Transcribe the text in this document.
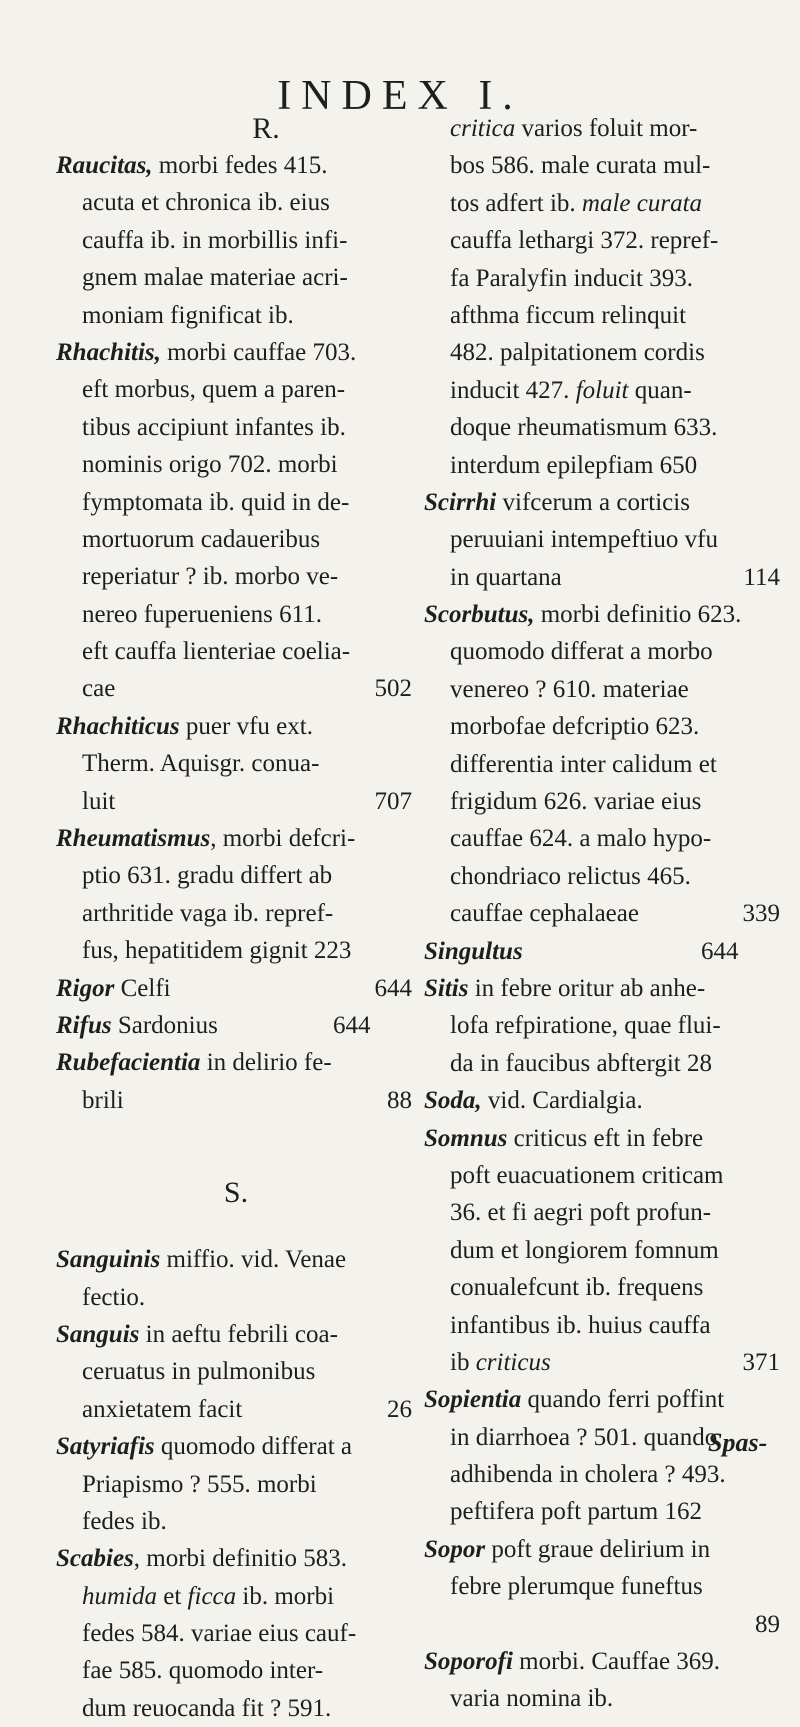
INDEX I.
R.
Raucitas, morbi fedes 415.
acuta et chronica ib. eius
cauffa ib. in morbillis infi-
gnem malae materiae acri-
moniam fignificat ib.
Rhachitis, morbi cauffae 703.
eft morbus, quem a paren-
tibus accipiunt infantes ib.
nominis origo 702. morbi
fymptomata ib. quid in de-
mortuorum cadaueribus
reperiatur ? ib. morbo ve-
nereo fuperueniens 611.
eft cauffa lienteriae coelia-
502
cae
Rhachiticus puer vfu ext.
Therm. Aquisgr. conua-
707
luit
Rheumatismus, morbi defcri-
ptio 631. gradu differt ab
arthritide vaga ib. repref-
fus, hepatitidem gignit 223
644
Rigor Celfi
644
Rifus Sardonius
Rubefacientia in delirio fe-
88
brili
S.
Sanguinis miffio. vid. Venae
fectio.
Sanguis in aeftu febrili coa-
ceruatus in pulmonibus
26
anxietatem facit
Satyriafis quomodo differat a
Priapismo ? 555. morbi
fedes ib.
Scabies, morbi definitio 583.
humida et ficca ib. morbi
fedes 584. variae eius cauf-
fae 585. quomodo inter-
dum reuocanda fit ? 591.
critica varios foluit mor-
bos 586. male curata mul-
tos adfert ib. male curata
cauffa lethargi 372. repref-
fa Paralyfin inducit 393.
afthma ficcum relinquit
482. palpitationem cordis
inducit 427. foluit quan-
doque rheumatismum 633.
interdum epilepfiam 650
Scirrhi vifcerum a corticis
peruuiani intempeftiuo vfu
114
in quartana
Scorbutus, morbi definitio 623.
quomodo differat a morbo
venereo ? 610. materiae
morbofae defcriptio 623.
differentia inter calidum et
frigidum 626. variae eius
cauffae 624. a malo hypo-
chondriaco relictus 465.
339
cauffae cephalaeae
644
Singultus
Sitis in febre oritur ab anhe-
lofa refpiratione, quae flui-
da in faucibus abftergit 28
Soda, vid. Cardialgia.
Somnus criticus eft in febre
poft euacuationem criticam
36. et fi aegri poft profun-
dum et longiorem fomnum
conualefcunt ib. frequens
infantibus ib. huius cauffa
371
ib criticus
Sopientia quando ferri poffint
in diarrhoea ? 501. quando
adhibenda in cholera ? 493.
peftifera poft partum 162
Sopor poft graue delirium in
febre plerumque funeftus
89
Soporofi morbi. Cauffae 369.
varia nomina ib.
Spas-
